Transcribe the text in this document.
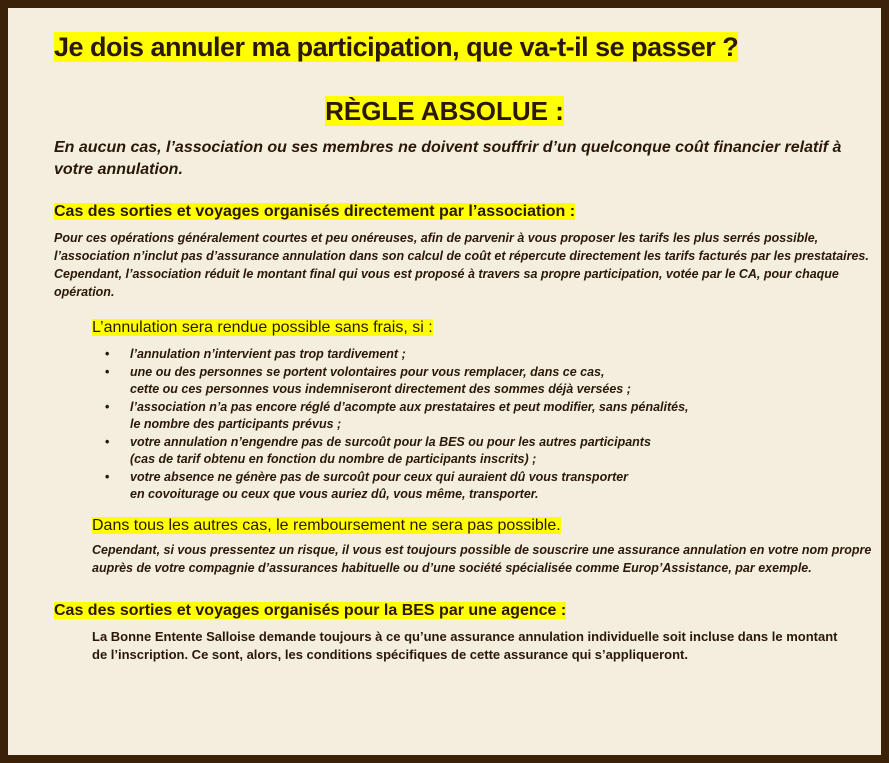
Je dois annuler ma participation, que va-t-il se passer ?
RÈGLE ABSOLUE :
En aucun cas, l’association ou ses membres ne doivent souffrir d’un quelconque coût financier relatif à votre annulation.
Cas des sorties et voyages organisés directement par l’association :
Pour ces opérations généralement courtes et peu onéreuses, afin de parvenir à vous proposer les tarifs les plus serrés possible, l’association n’inclut pas d’assurance annulation dans son calcul de coût et répercute directement les tarifs facturés par les prestataires. Cependant, l’association réduit le montant final qui vous est proposé à travers sa propre participation, votée par le CA, pour chaque opération.
L’annulation sera rendue possible sans frais, si :
• l’annulation n’intervient pas trop tardivement ;
• une ou des personnes se portent volontaires pour vous remplacer, dans ce cas,
cette ou ces personnes vous indemniseront directement des sommes déjà versées ;
• l’association n’a pas encore réglé d’acompte aux prestataires et peut modifier, sans pénalités,
le nombre des participants prévus ;
• votre annulation n’engendre pas de surcoût pour la BES ou pour les autres participants
(cas de tarif obtenu en fonction du nombre de participants inscrits) ;
• votre absence ne génère pas de surcoût pour ceux qui auraient dû vous transporter
en covoiturage ou ceux que vous auriez dû, vous même, transporter.
Dans tous les autres cas, le remboursement ne sera pas possible.
Cependant, si vous pressentez un risque, il vous est toujours possible de souscrire une assurance annulation en votre nom propre auprès de votre compagnie d’assurances habituelle ou d’une société spécialisée comme Europ’Assistance, par exemple.
Cas des sorties et voyages organisés pour la BES par une agence :
La Bonne Entente Salloise demande toujours à ce qu’une assurance annulation individuelle soit incluse dans le montant de l’inscription. Ce sont, alors, les conditions spécifiques de cette assurance qui s’appliqueront.
